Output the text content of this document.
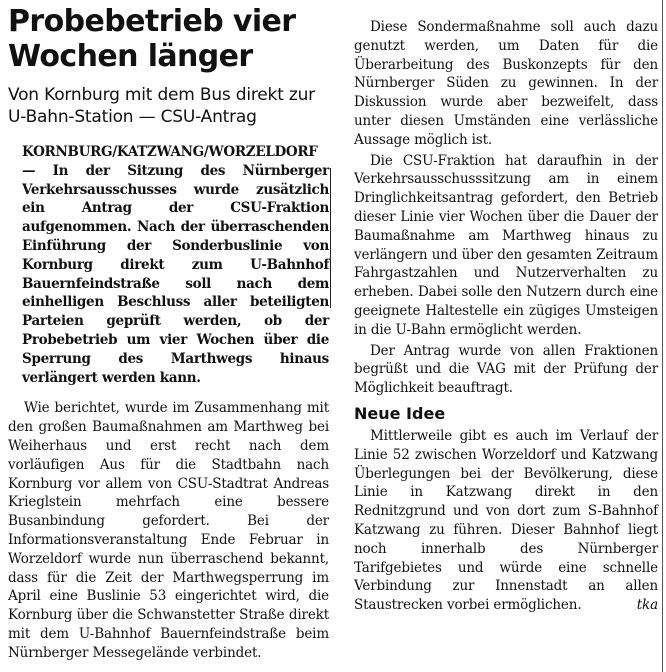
Probebetrieb vier Wochen länger

Von Kornburg mit dem Bus direkt zur U-Bahn-Station — CSU-Antrag

KORNBURG/KATZWANG/WORZELDORF — In der Sitzung des Nürnberger Verkehrsausschusses wurde zusätzlich ein Antrag der CSU-Fraktion aufgenommen. Nach der überraschenden Einführung der Sonderbuslinie von Kornburg direkt zum U-Bahnhof Bauernfeindstraße soll nach dem einhelligen Beschluss aller beteiligten Parteien geprüft werden, ob der Probebetrieb um vier Wochen über die Sperrung des Marthwegs hinaus verlängert werden kann.

Wie berichtet, wurde im Zusammenhang mit den großen Baumaßnahmen am Marthweg bei Weiherhaus und erst recht nach dem vorläufigen Aus für die Stadtbahn nach Kornburg vor allem von CSU-Stadtrat Andreas Krieglstein mehrfach eine bessere Busanbindung gefordert. Bei der Informationsveranstaltung Ende Februar in Worzeldorf wurde nun überraschend bekannt, dass für die Zeit der Marthwegsperrung im April eine Buslinie 53 eingerichtet wird, die Kornburg über die Schwanstetter Straße direkt mit dem U-Bahnhof Bauernfeindstraße beim Nürnberger Messegelände verbindet.

Diese Sondermaßnahme soll auch dazu genutzt werden, um Daten für die Überarbeitung des Buskonzepts für den Nürnberger Süden zu gewinnen. In der Diskussion wurde aber bezweifelt, dass unter diesen Umständen eine verlässliche Aussage möglich ist.

Die CSU-Fraktion hat daraufhin in der Verkehrsausschusssitzung am in einem Dringlichkeitsantrag gefordert, den Betrieb dieser Linie vier Wochen über die Dauer der Baumaßnahme am Marthweg hinaus zu verlängern und über den gesamten Zeitraum Fahrgastzahlen und Nutzerverhalten zu erheben. Dabei solle den Nutzern durch eine geeignete Haltestelle ein zügiges Umsteigen in die U-Bahn ermöglicht werden.

Der Antrag wurde von allen Fraktionen begrüßt und die VAG mit der Prüfung der Möglichkeit beauftragt.

Neue Idee

Mittlerweile gibt es auch im Verlauf der Linie 52 zwischen Worzeldorf und Katzwang Überlegungen bei der Bevölkerung, diese Linie in Katzwang direkt in den Rednitzgrund und von dort zum S-Bahnhof Katzwang zu führen. Dieser Bahnhof liegt noch innerhalb des Nürnberger Tarifgebietes und würde eine schnelle Verbindung zur Innenstadt an allen Staustrecken vorbei ermöglichen.	tka
